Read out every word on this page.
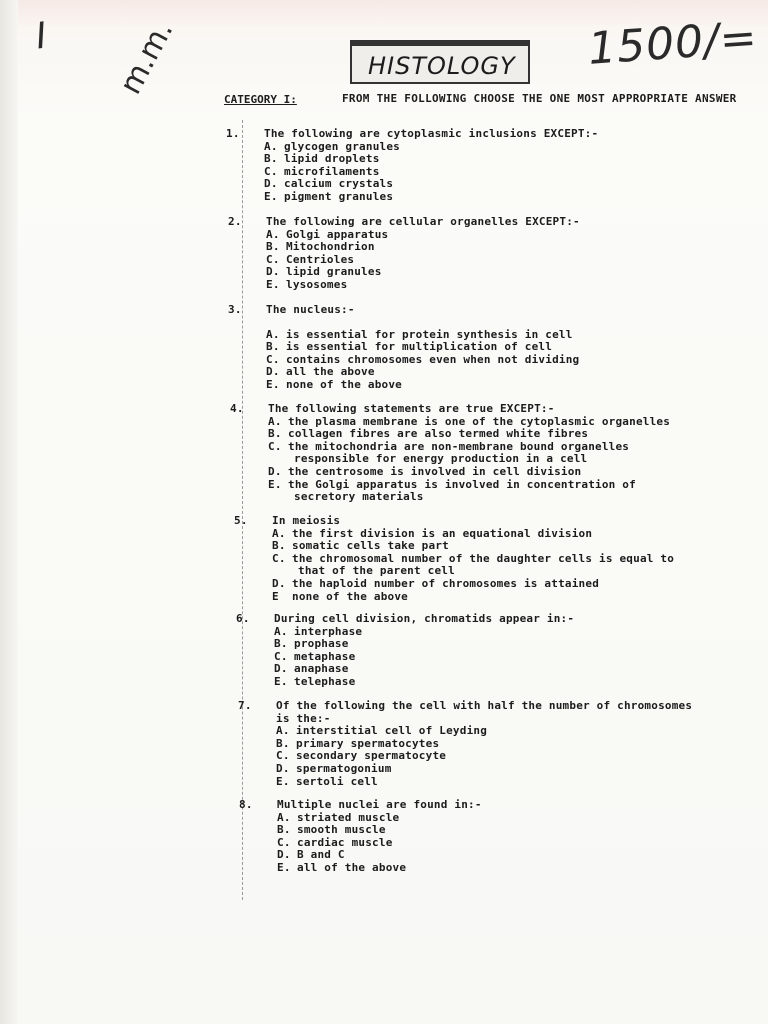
I m.m.	1500/=
HISTOLOGY
CATEGORY I:	FROM THE FOLLOWING CHOOSE THE ONE MOST APPROPRIATE ANSWER
1. The following are cytoplasmic inclusions EXCEPT:-
A. glycogen granules
B. lipid droplets
C. microfilaments
D. calcium crystals
E. pigment granules
2. The following are cellular organelles EXCEPT:-
A. Golgi apparatus
B. Mitochondrion
C. Centrioles
D. lipid granules
E. lysosomes
3. The nucleus:-
A. is essential for protein synthesis in cell
B. is essential for multiplication of cell
C. contains chromosomes even when not dividing
D. all the above
E. none of the above
4. The following statements are true EXCEPT:-
A. the plasma membrane is one of the cytoplasmic organelles
B. collagen fibres are also termed white fibres
C. the mitochondria are non-membrane bound organelles
responsible for energy production in a cell
D. the centrosome is involved in cell division
E. the Golgi apparatus is involved in concentration of
secretory materials
5. In meiosis
A. the first division is an equational division
B. somatic cells take part
C. the chromosomal number of the daughter cells is equal to
that of the parent cell
D. the haploid number of chromosomes is attained
E none of the above
6. During cell division, chromatids appear in:-
A. interphase
B. prophase
C. metaphase
D. anaphase
E. telephase
7. Of the following the cell with half the number of chromosomes
is the:-
A. interstitial cell of Leyding
B. primary spermatocytes
C. secondary spermatocyte
D. spermatogonium
E. sertoli cell
8. Multiple nuclei are found in:-
A. striated muscle
B. smooth muscle
C. cardiac muscle
D. B and C
E. all of the above
